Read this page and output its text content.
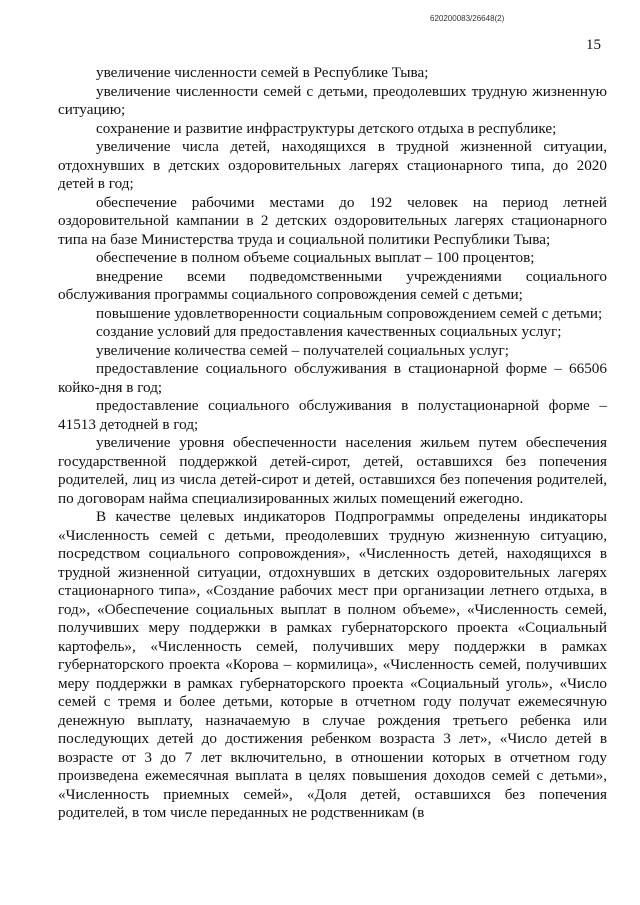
620200083/26648(2)
15

увеличение численности семей в Республике Тыва;

увеличение численности семей с детьми, преодолевших трудную жизненную ситуацию;

сохранение и развитие инфраструктуры детского отдыха в республике;

увеличение числа детей, находящихся в трудной жизненной ситуации, отдохнувших в детских оздоровительных лагерях стационарного типа, до 2020 детей в год;

обеспечение рабочими местами до 192 человек на период летней оздоровительной кампании в 2 детских оздоровительных лагерях стационарного типа на базе Министерства труда и социальной политики Республики Тыва;

обеспечение в полном объеме социальных выплат – 100 процентов;

внедрение всеми подведомственными учреждениями социального обслуживания программы социального сопровождения семей с детьми;

повышение удовлетворенности социальным сопровождением семей с детьми;

создание условий для предоставления качественных социальных услуг;

увеличение количества семей – получателей социальных услуг;

предоставление социального обслуживания в стационарной форме – 66506 койко-дня в год;

предоставление социального обслуживания в полустационарной форме – 41513 детодней в год;

увеличение уровня обеспеченности населения жильем путем обеспечения государственной поддержкой детей-сирот, детей, оставшихся без попечения родителей, лиц из числа детей-сирот и детей, оставшихся без попечения родителей, по договорам найма специализированных жилых помещений ежегодно.

В качестве целевых индикаторов Подпрограммы определены индикаторы «Численность семей с детьми, преодолевших трудную жизненную ситуацию, посредством социального сопровождения», «Численность детей, находящихся в трудной жизненной ситуации, отдохнувших в детских оздоровительных лагерях стационарного типа», «Создание рабочих мест при организации летнего отдыха, в год», «Обеспечение социальных выплат в полном объеме», «Численность семей, получивших меру поддержки в рамках губернаторского проекта «Социальный картофель», «Численность семей, получивших меру поддержки в рамках губернаторского проекта «Корова – кормилица», «Численность семей, получивших меру поддержки в рамках губернаторского проекта «Социальный уголь», «Число семей с тремя и более детьми, которые в отчетном году получат ежемесячную денежную выплату, назначаемую в случае рождения третьего ребенка или последующих детей до достижения ребенком возраста 3 лет», «Число детей в возрасте от 3 до 7 лет включительно, в отношении которых в отчетном году произведена ежемесячная выплата в целях повышения доходов семей с детьми», «Численность приемных семей», «Доля детей, оставшихся без попечения родителей, в том числе переданных не родственникам (в
